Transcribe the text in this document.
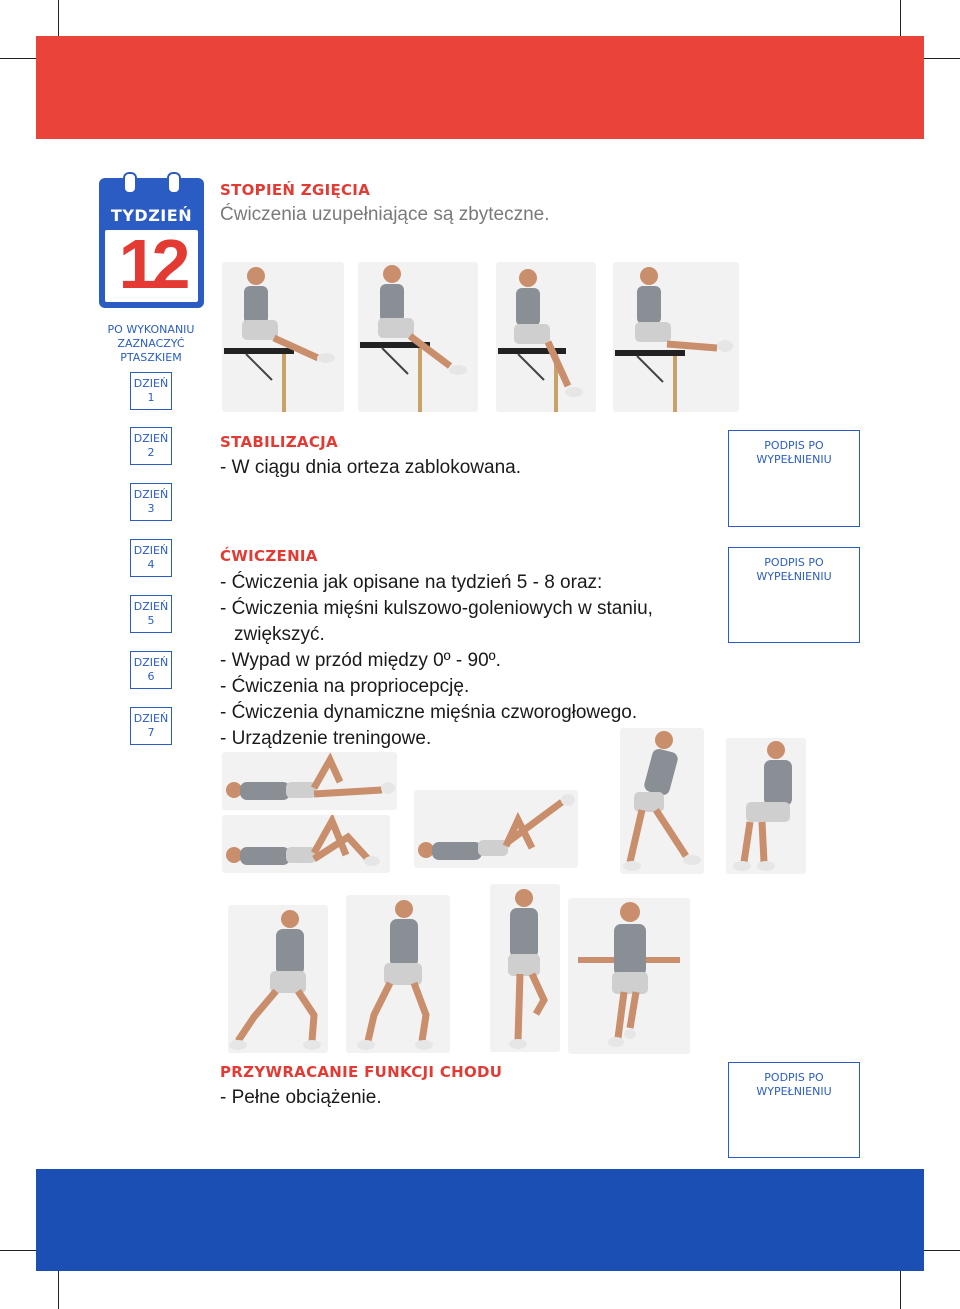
TYDZIEŃ
12
PO WYKONANIU
ZAZNACZYĆ
PTASZKIEM
DZIEŃ
1
DZIEŃ
2
DZIEŃ
3
DZIEŃ
4
DZIEŃ
5
DZIEŃ
6
DZIEŃ
7
STOPIEŃ ZGIĘCIA
Ćwiczenia uzupełniające są zbyteczne.
STABILIZACJA
- W ciągu dnia orteza zablokowana.
PODPIS PO
WYPEŁNIENIU
ĆWICZENIA
- Ćwiczenia jak opisane na tydzień 5 - 8 oraz:
- Ćwiczenia mięśni kulszowo-goleniowych w staniu, zwiększyć.
- Wypad w przód między 0º - 90º.
- Ćwiczenia na propriocepcję.
- Ćwiczenia dynamiczne mięśnia czworogłowego.
- Urządzenie treningowe.
PODPIS PO
WYPEŁNIENIU
PRZYWRACANIE FUNKCJI CHODU
- Pełne obciążenie.
PODPIS PO
WYPEŁNIENIU
